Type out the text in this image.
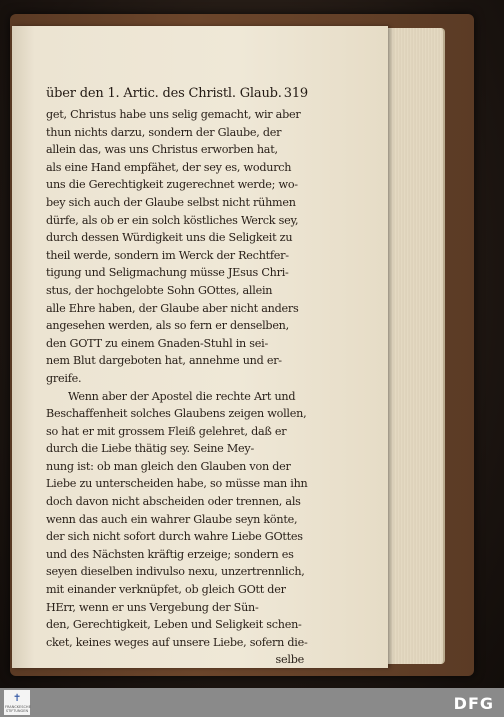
über den 1. Artic. des Christl. Glaub. 319
get, Christus habe uns selig gemacht, wir aber
thun nichts darzu, sondern der Glaube, der
allein das, was uns Christus erworben hat,
als eine Hand empfähet, der sey es, wodurch
uns die Gerechtigkeit zugerechnet werde; wo-
bey sich auch der Glaube selbst nicht rühmen
dürfe, als ob er ein solch köstliches Werck sey,
durch dessen Würdigkeit uns die Seligkeit zu
theil werde, sondern im Werck der Rechtfer-
tigung und Seligmachung müsse JEsus Chri-
stus, der hochgelobte Sohn GOttes, allein
alle Ehre haben, der Glaube aber nicht anders
angesehen werden, als so fern er denselben,
den GOTT zu einem Gnaden-Stuhl in sei-
nem Blut dargeboten hat, annehme und er-
greife.
Wenn aber der Apostel die rechte Art und
Beschaffenheit solches Glaubens zeigen wollen,
so hat er mit grossem Fleiß gelehret, daß er
durch die Liebe thätig sey. Seine Mey-
nung ist: ob man gleich den Glauben von der
Liebe zu unterscheiden habe, so müsse man ihn
doch davon nicht abscheiden oder trennen, als
wenn das auch ein wahrer Glaube seyn könte,
der sich nicht sofort durch wahre Liebe GOttes
und des Nächsten kräftig erzeige; sondern es
seyen dieselben indivulso nexu, unzertrennlich,
mit einander verknüpfet, ob gleich GOtt der
HErr, wenn er uns Vergebung der Sün-
den, Gerechtigkeit, Leben und Seligkeit schen-
cket, keines weges auf unsere Liebe, sofern die-
selbe
✝
FRANCKESCHE STIFTUNGEN	DFG
